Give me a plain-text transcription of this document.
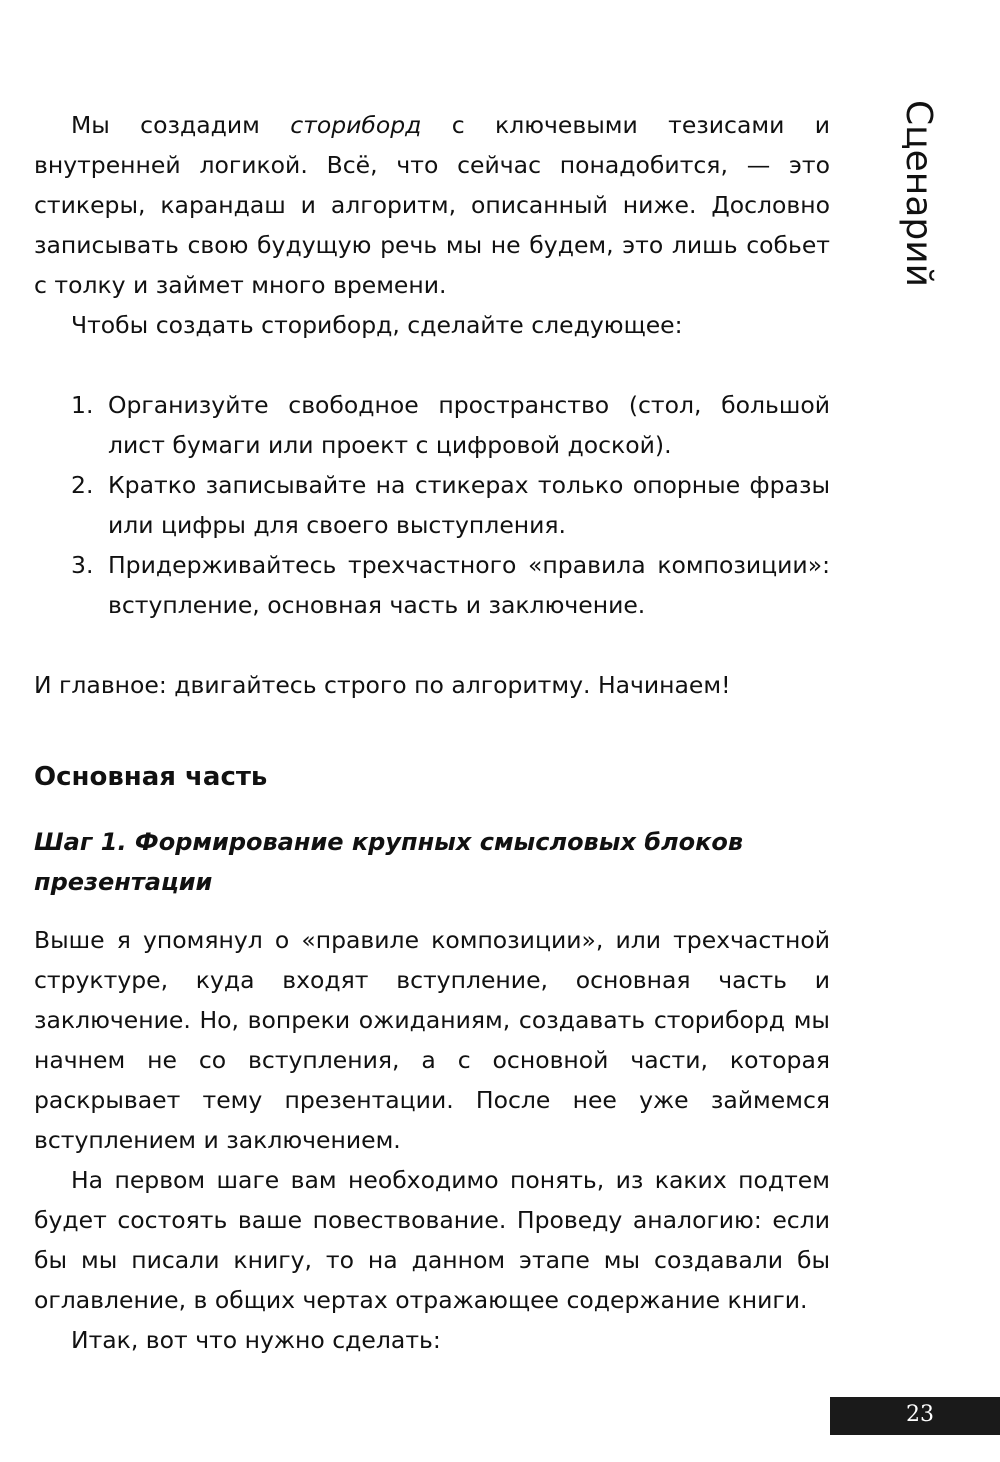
Сценарий

Мы создадим сториборд с ключевыми тезисами и внутренней логикой. Всё, что сейчас понадобится, — это стикеры, карандаш и алгоритм, описанный ниже. Дословно записывать свою будущую речь мы не будем, это лишь собьет с толку и займет много времени.

Чтобы создать сториборд, сделайте следующее:

1. Организуйте свободное пространство (стол, большой лист бумаги или проект с цифровой доской).
2. Кратко записывайте на стикерах только опорные фразы или цифры для своего выступления.
3. Придерживайтесь трехчастного «правила композиции»: вступление, основная часть и заключение.

И главное: двигайтесь строго по алгоритму. Начинаем!

Основная часть
Шаг 1. Формирование крупных смысловых блоков презентации

Выше я упомянул о «правиле композиции», или трехчастной структуре, куда входят вступление, основная часть и заключение. Но, вопреки ожиданиям, создавать сториборд мы начнем не со вступления, а с основной части, которая раскрывает тему презентации. После нее уже займемся вступлением и заключением.

На первом шаге вам необходимо понять, из каких подтем будет состоять ваше повествование. Проведу аналогию: если бы мы писали книгу, то на данном этапе мы создавали бы оглавление, в общих чертах отражающее содержание книги.

Итак, вот что нужно сделать:

23
